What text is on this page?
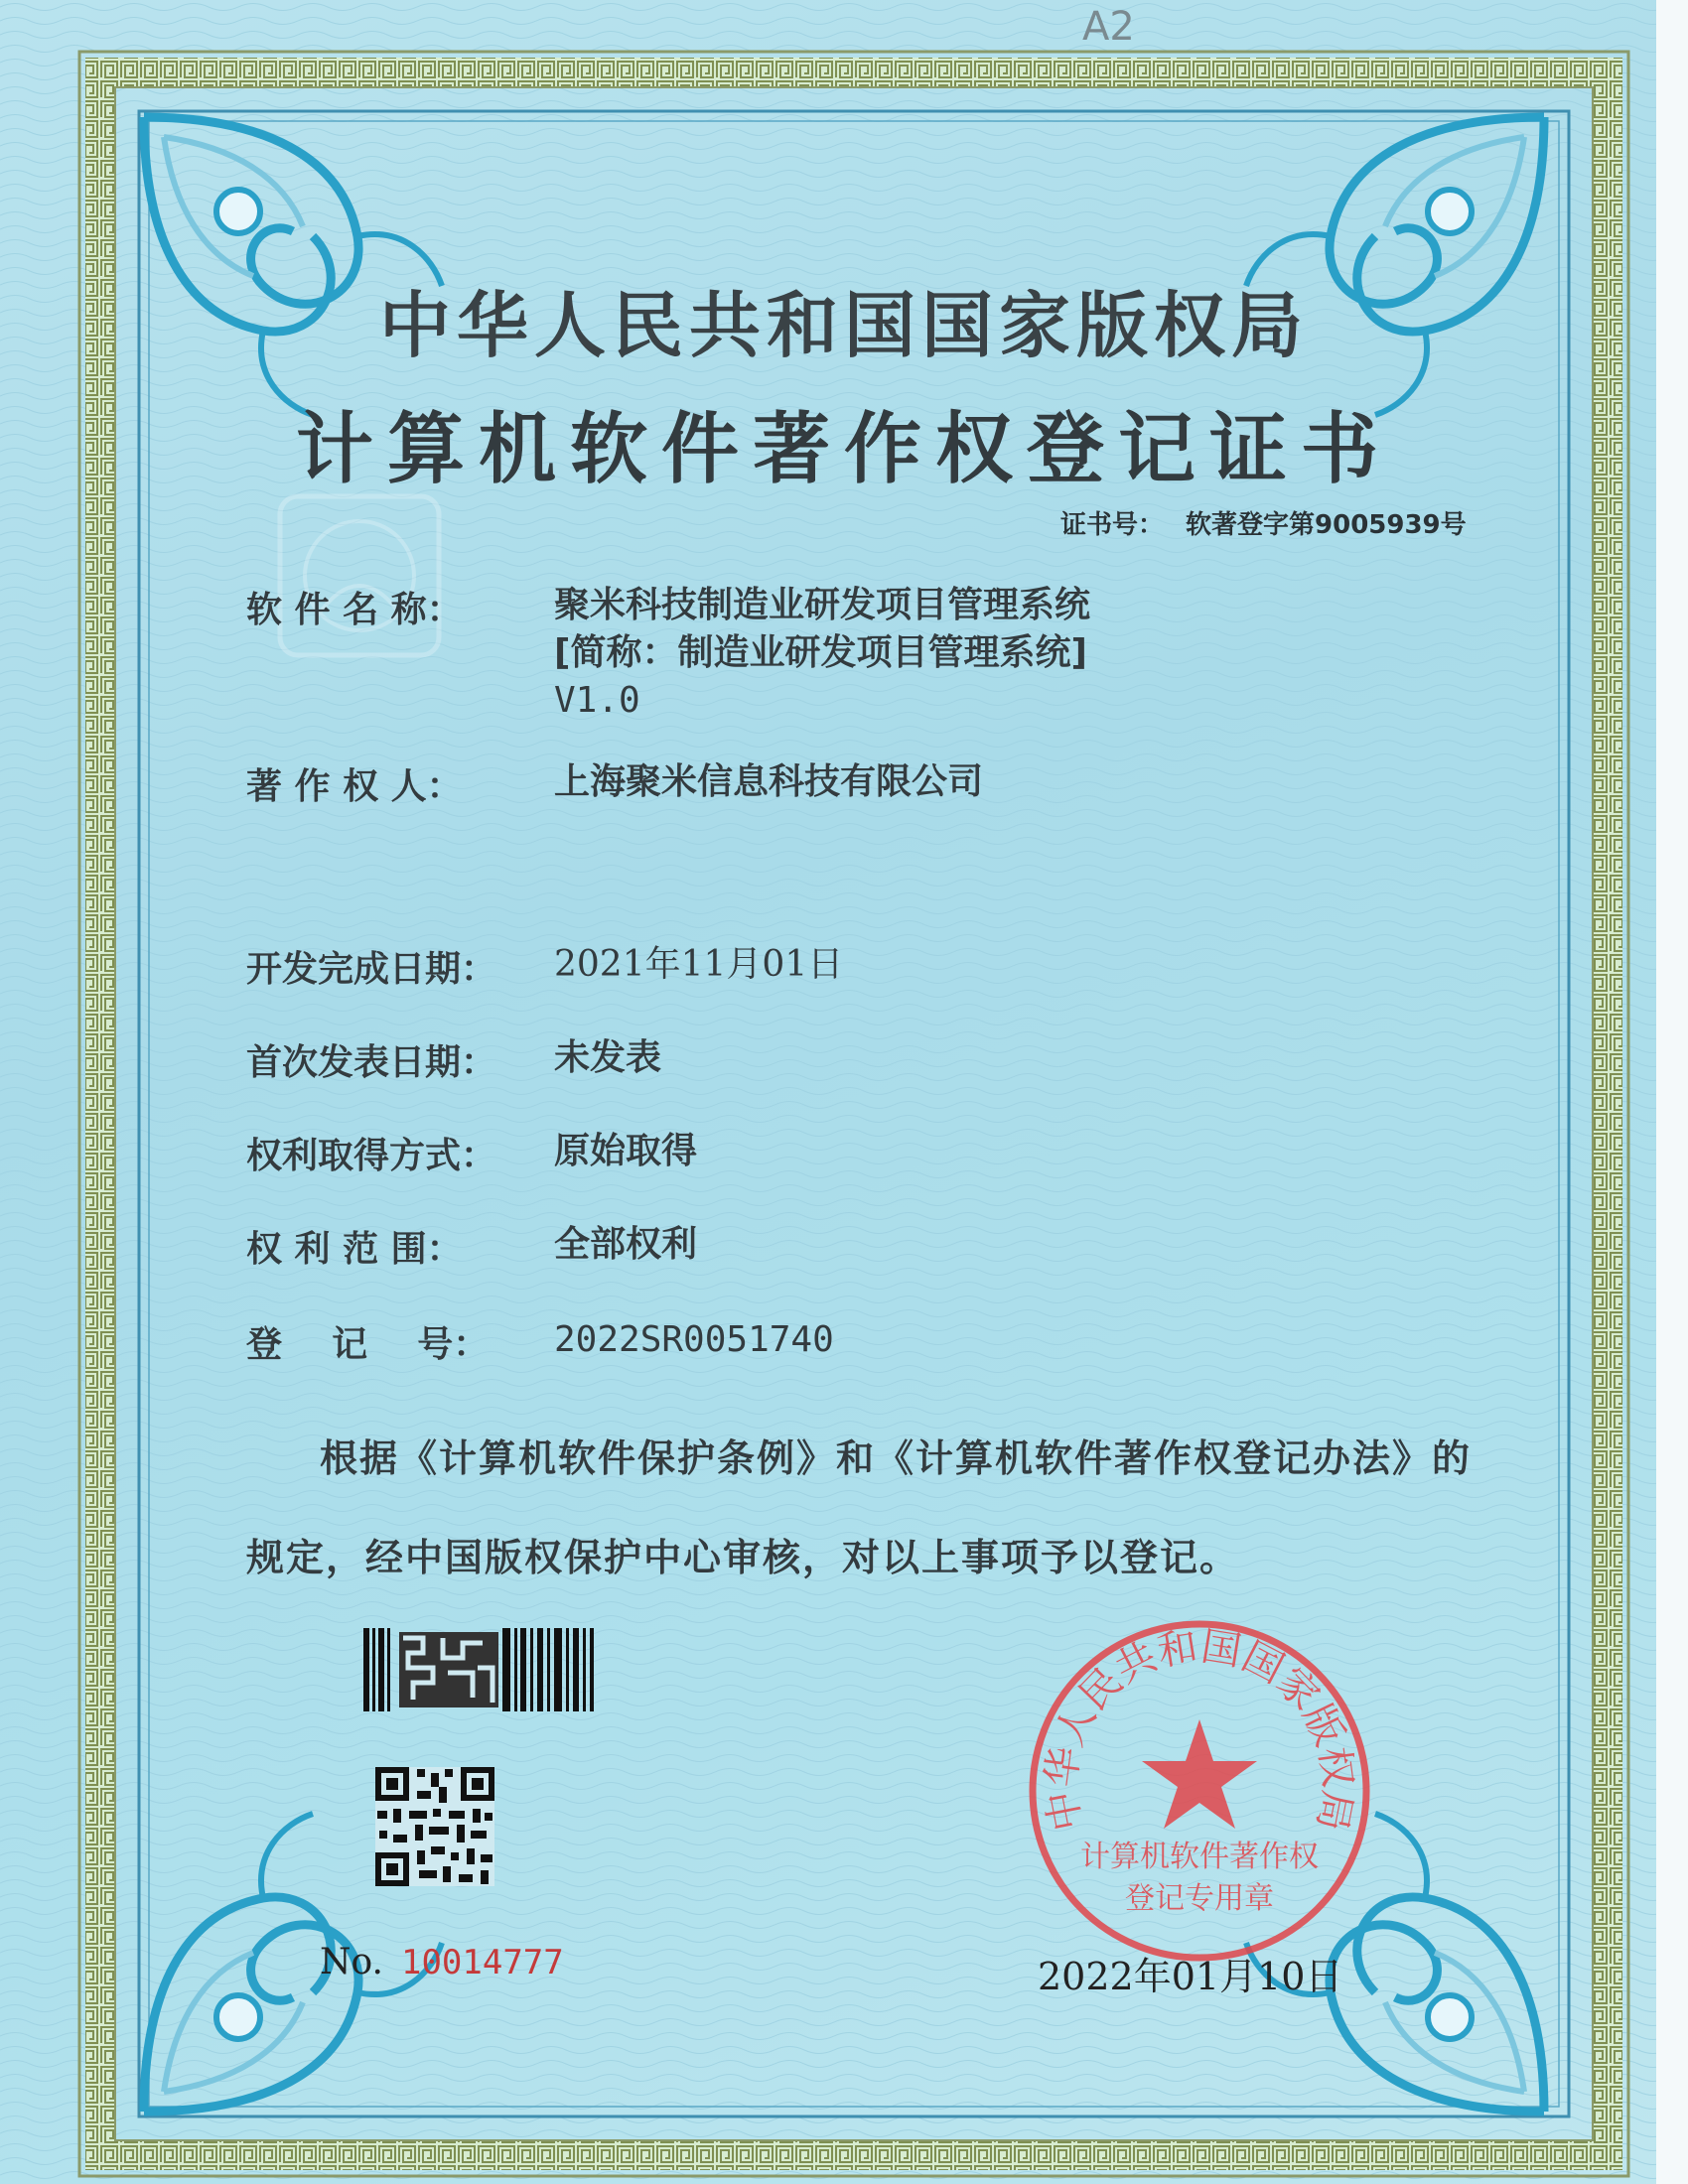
A2
中华人民共和国国家版权局
计算机软件著作权登记证书
证书号： 软著登字第9005939号
软 件 名 称：	聚米科技制造业研发项目管理系统
[简称：制造业研发项目管理系统]
V1.0
著 作 权 人：	上海聚米信息科技有限公司
开发完成日期： 2021年11月01日
首次发表日期： 未发表
权利取得方式： 原始取得
权 利 范 围：	全部权利
登    记    号： 2022SR0051740
根据《计算机软件保护条例》和《计算机软件著作权登记办法》的
规定，经中国版权保护中心审核，对以上事项予以登记。
No. 10014777
中华人民共和国国家版权局
计算机软件著作权
登记专用章
2022年01月10日
